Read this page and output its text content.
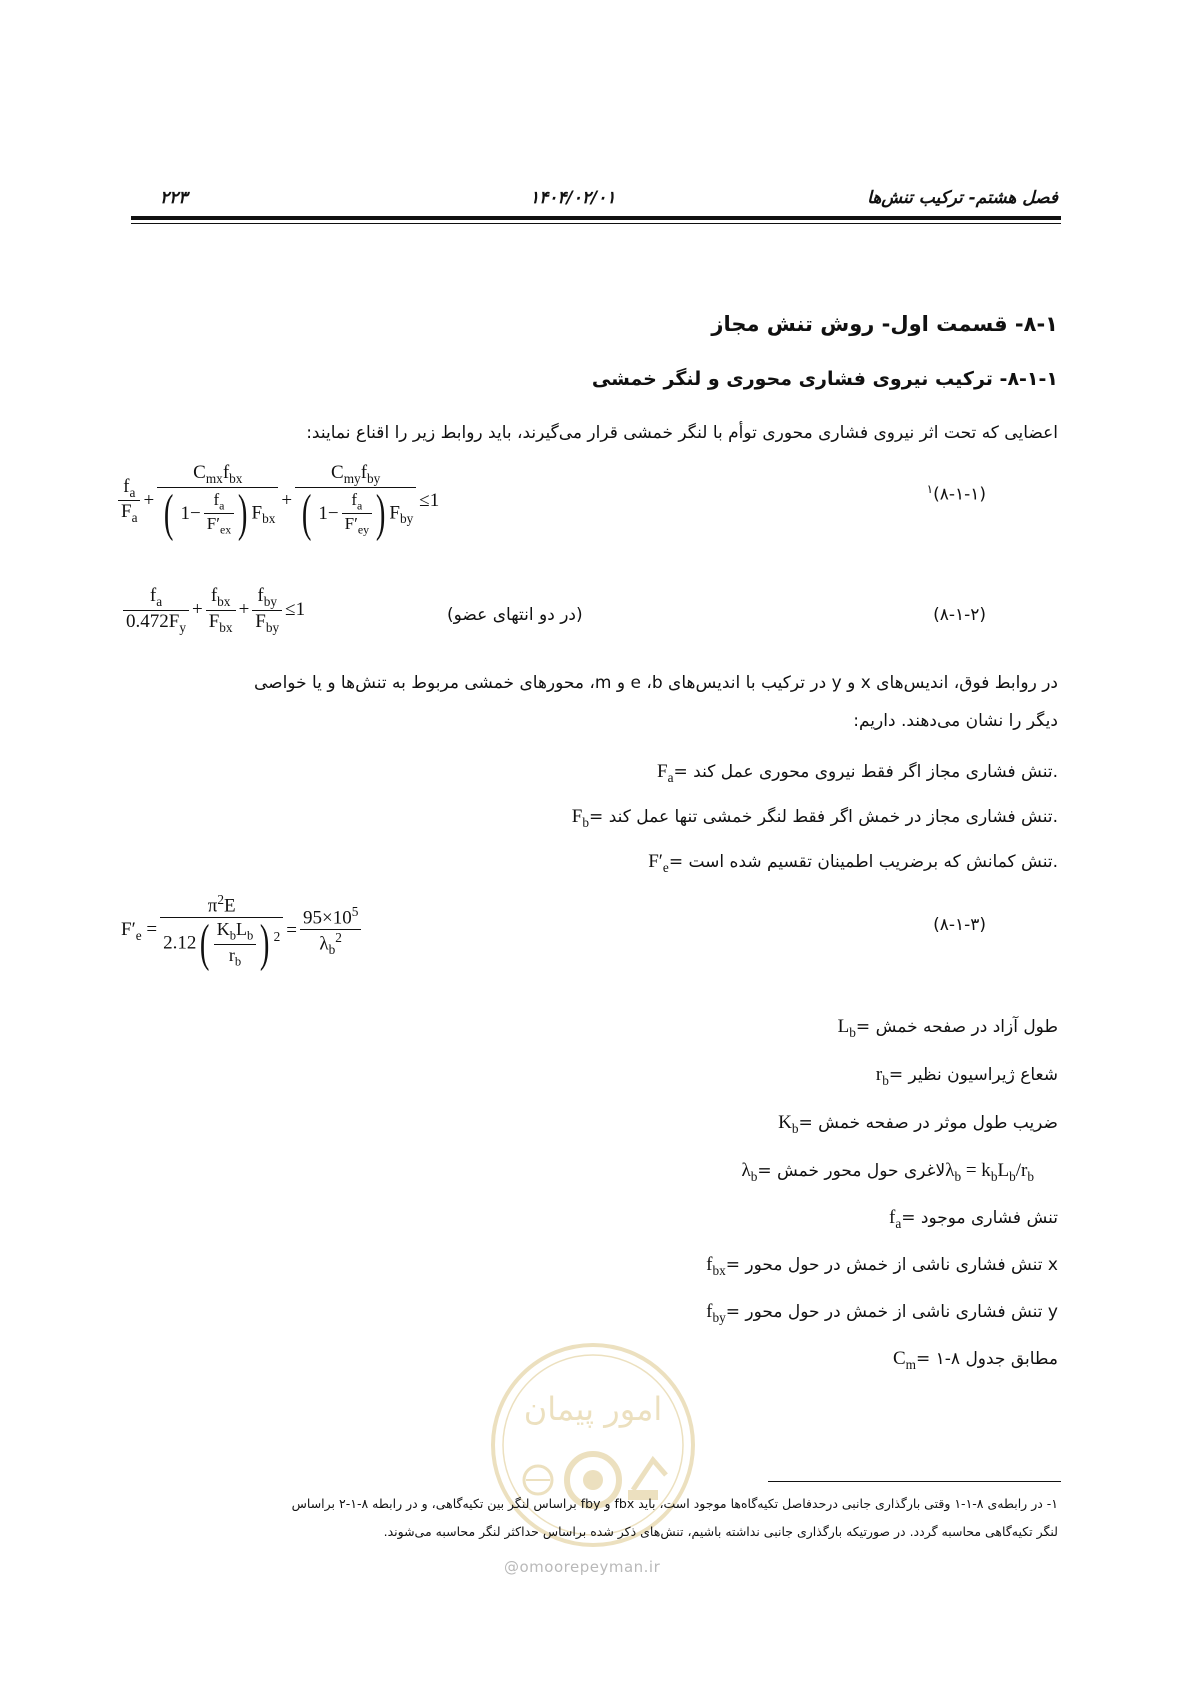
۲۲۳	۱۴۰۴/۰۲/۰۱	فصل هشتم- ترکیب تنش‌ها
۸-۱- قسمت اول- روش تنش مجاز
۸-۱-۱- ترکیب نیروی فشاری محوری و لنگر خمشی
اعضایی که تحت اثر نیروی فشاری محوری توأم با لنگر خمشی قرار می‌گیرند، باید روابط زیر را اقناع نمایند:
$\frac{f_a}{F_a} + \frac{C_{mx}f_{bx}}{( 1- \frac{f_a}{F'_{ex}} ) F_{bx}} + \frac{C_{my}f_{by}}{( 1- \frac{f_a}{F'_{ey}} ) F_{by}} \le 1$
$^۱$(۸-۱-۱)
$\frac{f_a}{0.472F_y} + \frac{f_{bx}}{F_{bx}} + \frac{f_{by}}{F_{by}} \le 1$	(در دو انتهای عضو)	(۸-۱-۲)
در روابط فوق، اندیس‌های x و y در ترکیب با اندیس‌های e ،b و m، محورهای خمشی مربوط به تنش‌ها و یا خواصی
دیگر را نشان می‌دهند. داریم:
$F_a=$ تنش فشاری مجاز اگر فقط نیروی محوری عمل کند.
$F_b=$ تنش فشاری مجاز در خمش اگر فقط لنگر خمشی تنها عمل کند.
$F'_e=$ تنش کمانش که برضریب اطمینان تقسیم شده است.
$F'_e = \frac{\pi^2E}{2.12( \frac{K_bL_b}{r_b} ) ^2} = \frac{95\times 10^5}{\lambda_b^2}$	(۸-۱-۳)
$L_b=$ طول آزاد در صفحه خمش
$r_b=$ شعاع ژیراسیون نظیر
$K_b=$ ضریب طول موثر در صفحه خمش
$\lambda_b=$ لاغری حول محور خمشλ$_b$ = $k_bL_b/r_b$
$f_a=$ تنش فشاری موجود
$f_{bx}=$ تنش فشاری ناشی از خمش در حول محور x
$f_{by}=$ تنش فشاری ناشی از خمش در حول محور y
$C_m=$ مطابق جدول ۸-۱
امور پیمان
@omoorepeyman.ir
۱- در رابطه‌ی ۸-۱-۱ وقتی بارگذاری جانبی درحدفاصل تکیه‌گاه‌ها موجود است، باید fbx و fby براساس لنگر بین تکیه‌گاهی، و در رابطه ۸-۱-۲ براساس
لنگر تکیه‌گاهی محاسبه گردد. در صورتیکه بارگذاری جانبی نداشته باشیم، تنش‌های ذکر شده براساس حداکثر لنگر محاسبه می‌شوند.
